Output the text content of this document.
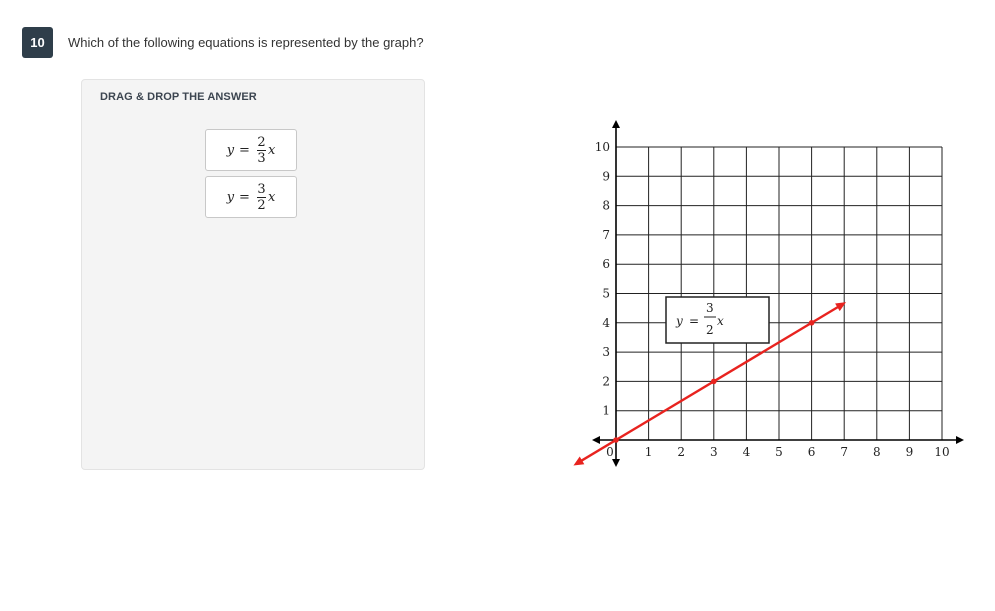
10	Which of the following equations is represented by the graph?
DRAG & DROP THE ANSWER
$y = \frac{2}{3}$ x
$y = \frac{3}{2}$ x
0	1 2 3 4 5 6 7 8 9 10
1
2
3
4
5
6
7
8
9
10
y =
3
2
x
